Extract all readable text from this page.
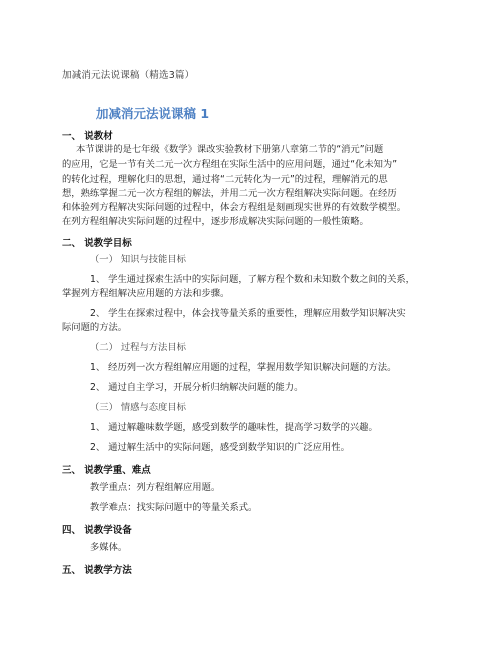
加减消元法说课稿（精选3篇）
加减消元法说课稿 1
一、 说教材
本节课讲的是七年级《数学》课改实验教材下册第八章第二节的“消元”问题
的应用，它是一节有关二元一次方程组在实际生活中的应用问题，通过“化未知为”
的转化过程，理解化归的思想，通过将“二元转化为一元”的过程，理解消元的思
想，熟练掌握二元一次方程组的解法，并用二元一次方程组解决实际问题。在经历
和体验列方程解决实际问题的过程中，体会方程组是刻画现实世界的有效数学模型。
在列方程组解决实际问题的过程中，逐步形成解决实际问题的一般性策略。
二、 说教学目标
（一） 知识与技能目标
1、 学生通过探索生活中的实际问题，了解方程个数和未知数个数之间的关系，
掌握列方程组解决应用题的方法和步骤。
2、 学生在探索过程中，体会找等量关系的重要性，理解应用数学知识解决实
际问题的方法。
（二） 过程与方法目标
1、 经历列一次方程组解应用题的过程，掌握用数学知识解决问题的方法。
2、 通过自主学习，开展分析归纳解决问题的能力。
（三） 情感与态度目标
1、 通过解趣味数学题，感受到数学的趣味性，提高学习数学的兴趣。
2、 通过解生活中的实际问题，感受到数学知识的广泛应用性。
三、 说教学重、难点
教学重点：列方程组解应用题。
教学难点：找实际问题中的等量关系式。
四、 说教学设备
多媒体。
五、 说教学方法
